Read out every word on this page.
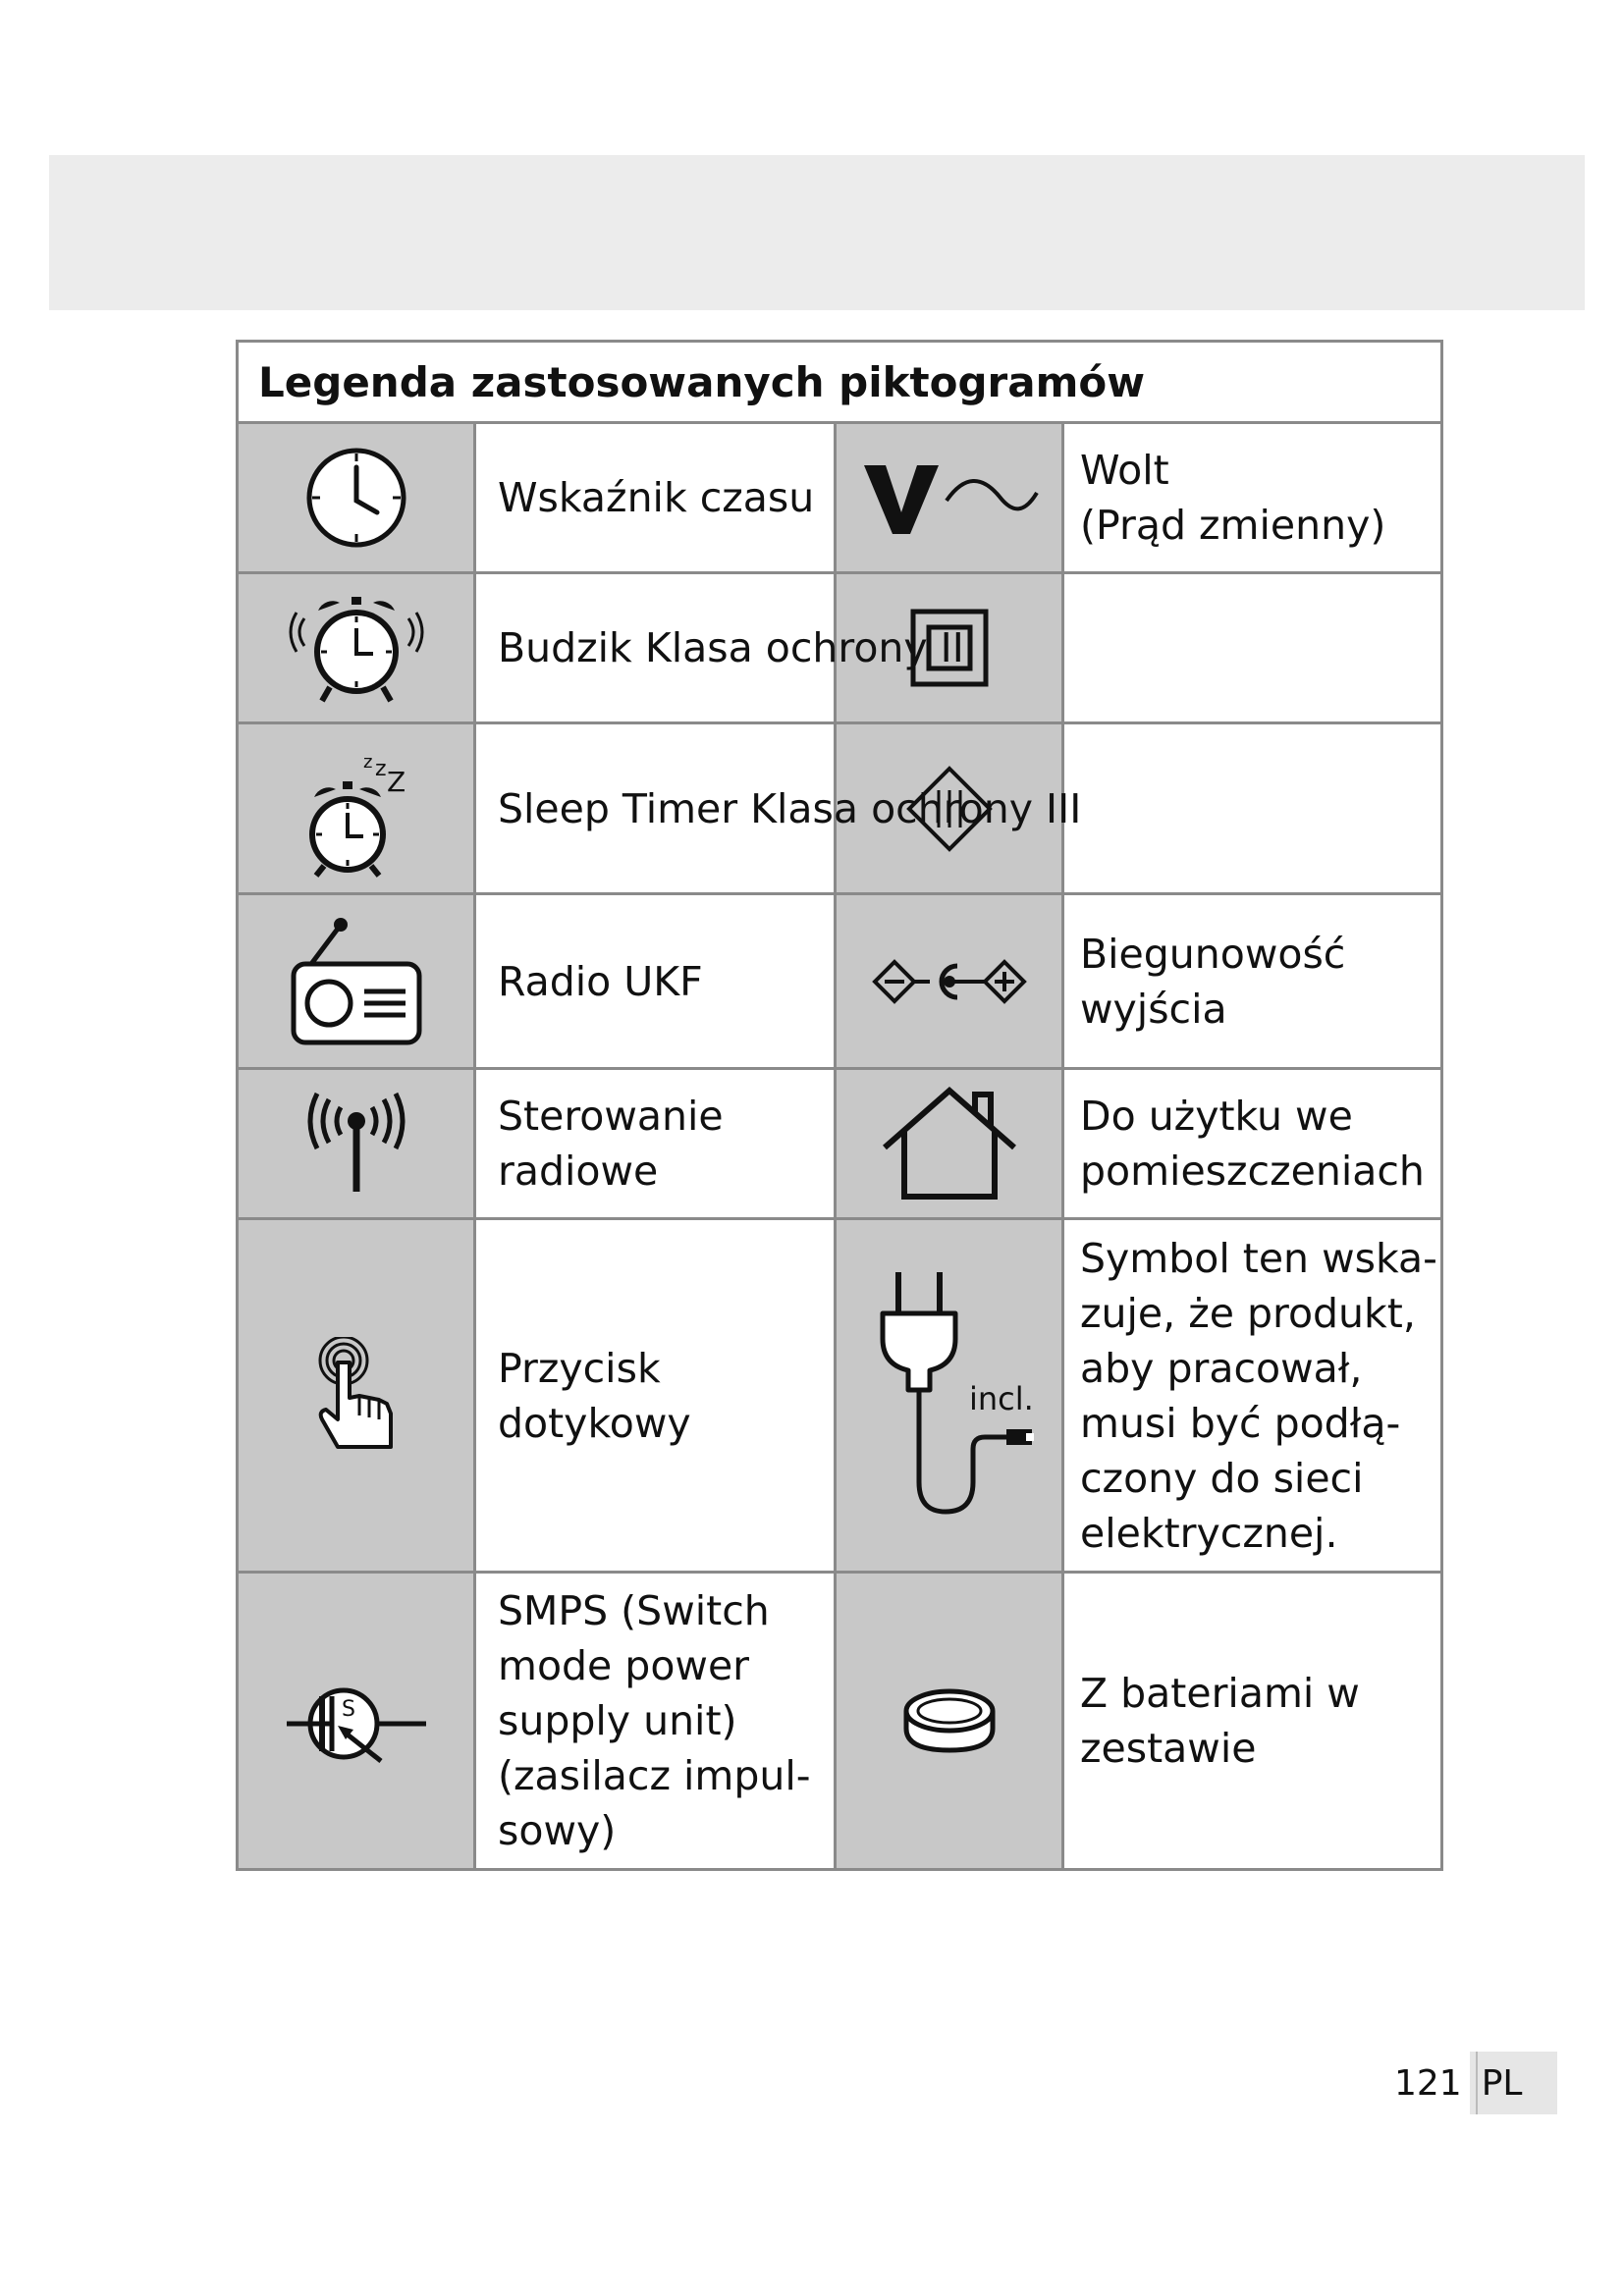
Legenda zastosowanych piktogramów
Wskaźnik czasu
Wolt
(Prąd zmienny)
Budzik Klasa ochrony II
z z Z
Sleep Timer Klasa ochrony III
Radio UKF
Biegunowość
wyjścia
Sterowanie
radiowe
Do użytku we
pomieszczeniach
Przycisk
dotykowy
incl.
Symbol ten wska-
zuje, że produkt,
aby pracował,
musi być podłą-
czony do sieci
elektrycznej.
S
SMPS (Switch
mode power
supply unit)
(zasilacz impul-
sowy)
Z bateriami w
zestawie
121 PL
